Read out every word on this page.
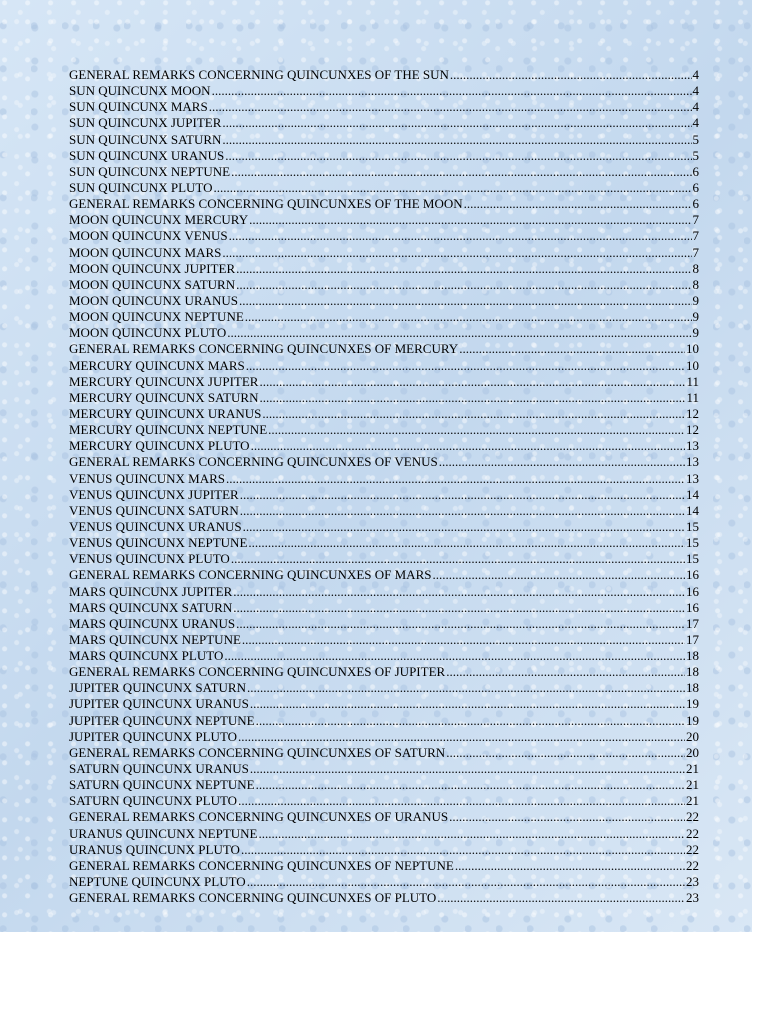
GENERAL REMARKS CONCERNING QUINCUNXES OF THE SUN .....	4
SUN QUINCUNX MOON .....	4
SUN QUINCUNX MARS .....	4
SUN QUINCUNX JUPITER .....	4
SUN QUINCUNX SATURN .....	5
SUN QUINCUNX URANUS .....	5
SUN QUINCUNX NEPTUNE .....	6
SUN QUINCUNX PLUTO .....	6
GENERAL REMARKS CONCERNING QUINCUNXES OF THE MOON .....	6
MOON QUINCUNX MERCURY .....	7
MOON QUINCUNX VENUS .....	7
MOON QUINCUNX MARS .....	7
MOON QUINCUNX JUPITER .....	8
MOON QUINCUNX SATURN .....	8
MOON QUINCUNX URANUS .....	9
MOON QUINCUNX NEPTUNE .....	9
MOON QUINCUNX PLUTO .....	9
GENERAL REMARKS CONCERNING QUINCUNXES OF MERCURY .....	10
MERCURY QUINCUNX MARS .....	10
MERCURY QUINCUNX JUPITER .....	11
MERCURY QUINCUNX SATURN .....	11
MERCURY QUINCUNX URANUS .....	12
MERCURY QUINCUNX NEPTUNE .....	12
MERCURY QUINCUNX PLUTO .....	13
GENERAL REMARKS CONCERNING QUINCUNXES OF VENUS .....	13
VENUS QUINCUNX MARS .....	13
VENUS QUINCUNX JUPITER .....	14
VENUS QUINCUNX SATURN .....	14
VENUS QUINCUNX URANUS .....	15
VENUS QUINCUNX NEPTUNE .....	15
VENUS QUINCUNX PLUTO .....	15
GENERAL REMARKS CONCERNING QUINCUNXES OF MARS .....	16
MARS QUINCUNX JUPITER .....	16
MARS QUINCUNX SATURN .....	16
MARS QUINCUNX URANUS .....	17
MARS QUINCUNX NEPTUNE .....	17
MARS QUINCUNX PLUTO .....	18
GENERAL REMARKS CONCERNING QUINCUNXES OF JUPITER .....	18
JUPITER QUINCUNX SATURN .....	18
JUPITER QUINCUNX URANUS .....	19
JUPITER QUINCUNX NEPTUNE .....	19
JUPITER QUINCUNX PLUTO .....	20
GENERAL REMARKS CONCERNING QUINCUNXES OF SATURN .....	20
SATURN QUINCUNX URANUS .....	21
SATURN QUINCUNX NEPTUNE .....	21
SATURN QUINCUNX PLUTO .....	21
GENERAL REMARKS CONCERNING QUINCUNXES OF URANUS .....	22
URANUS QUINCUNX NEPTUNE .....	22
URANUS QUINCUNX PLUTO .....	22
GENERAL REMARKS CONCERNING QUINCUNXES OF NEPTUNE .....	22
NEPTUNE QUINCUNX PLUTO .....	23
GENERAL REMARKS CONCERNING QUINCUNXES OF PLUTO .....	23
